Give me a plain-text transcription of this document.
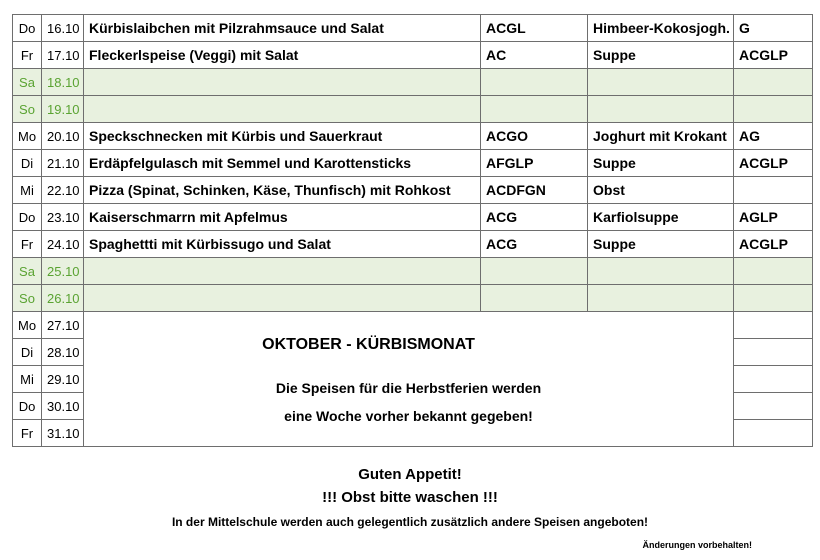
Do	16.10	Kürbislaibchen mit Pilzrahmsauce und Salat	ACGL	Himbeer-Kokosjogh.	G
Fr	17.10	Fleckerlspeise (Veggi) mit Salat	AC	Suppe	ACGLP
Sa	18.10				
So	19.10				
Mo	20.10	Speckschnecken mit Kürbis und Sauerkraut	ACGO	Joghurt mit Krokant	AG
Di	21.10	Erdäpfelgulasch mit Semmel und Karottensticks	AFGLP	Suppe	ACGLP
Mi	22.10	Pizza (Spinat, Schinken, Käse, Thunfisch) mit Rohkost	ACDFGN	Obst	
Do	23.10	Kaiserschmarrn mit Apfelmus	ACG	Karfiolsuppe	AGLP
Fr	24.10	Spaghettti mit Kürbissugo und Salat	ACG	Suppe	ACGLP
Sa	25.10				
So	26.10				
Mo	27.10	OKTOBER - KÜRBISMONAT
Die Speisen für die Herbstferien werden
eine Woche vorher bekannt gegeben!			

Di	28.10				
Mi	29.10				
Do	30.10				
Fr	31.10				
Guten Appetit!
!!! Obst bitte waschen !!!
In der Mittelschule werden auch gelegentlich zusätzlich andere Speisen angeboten!
Änderungen vorbehalten!
